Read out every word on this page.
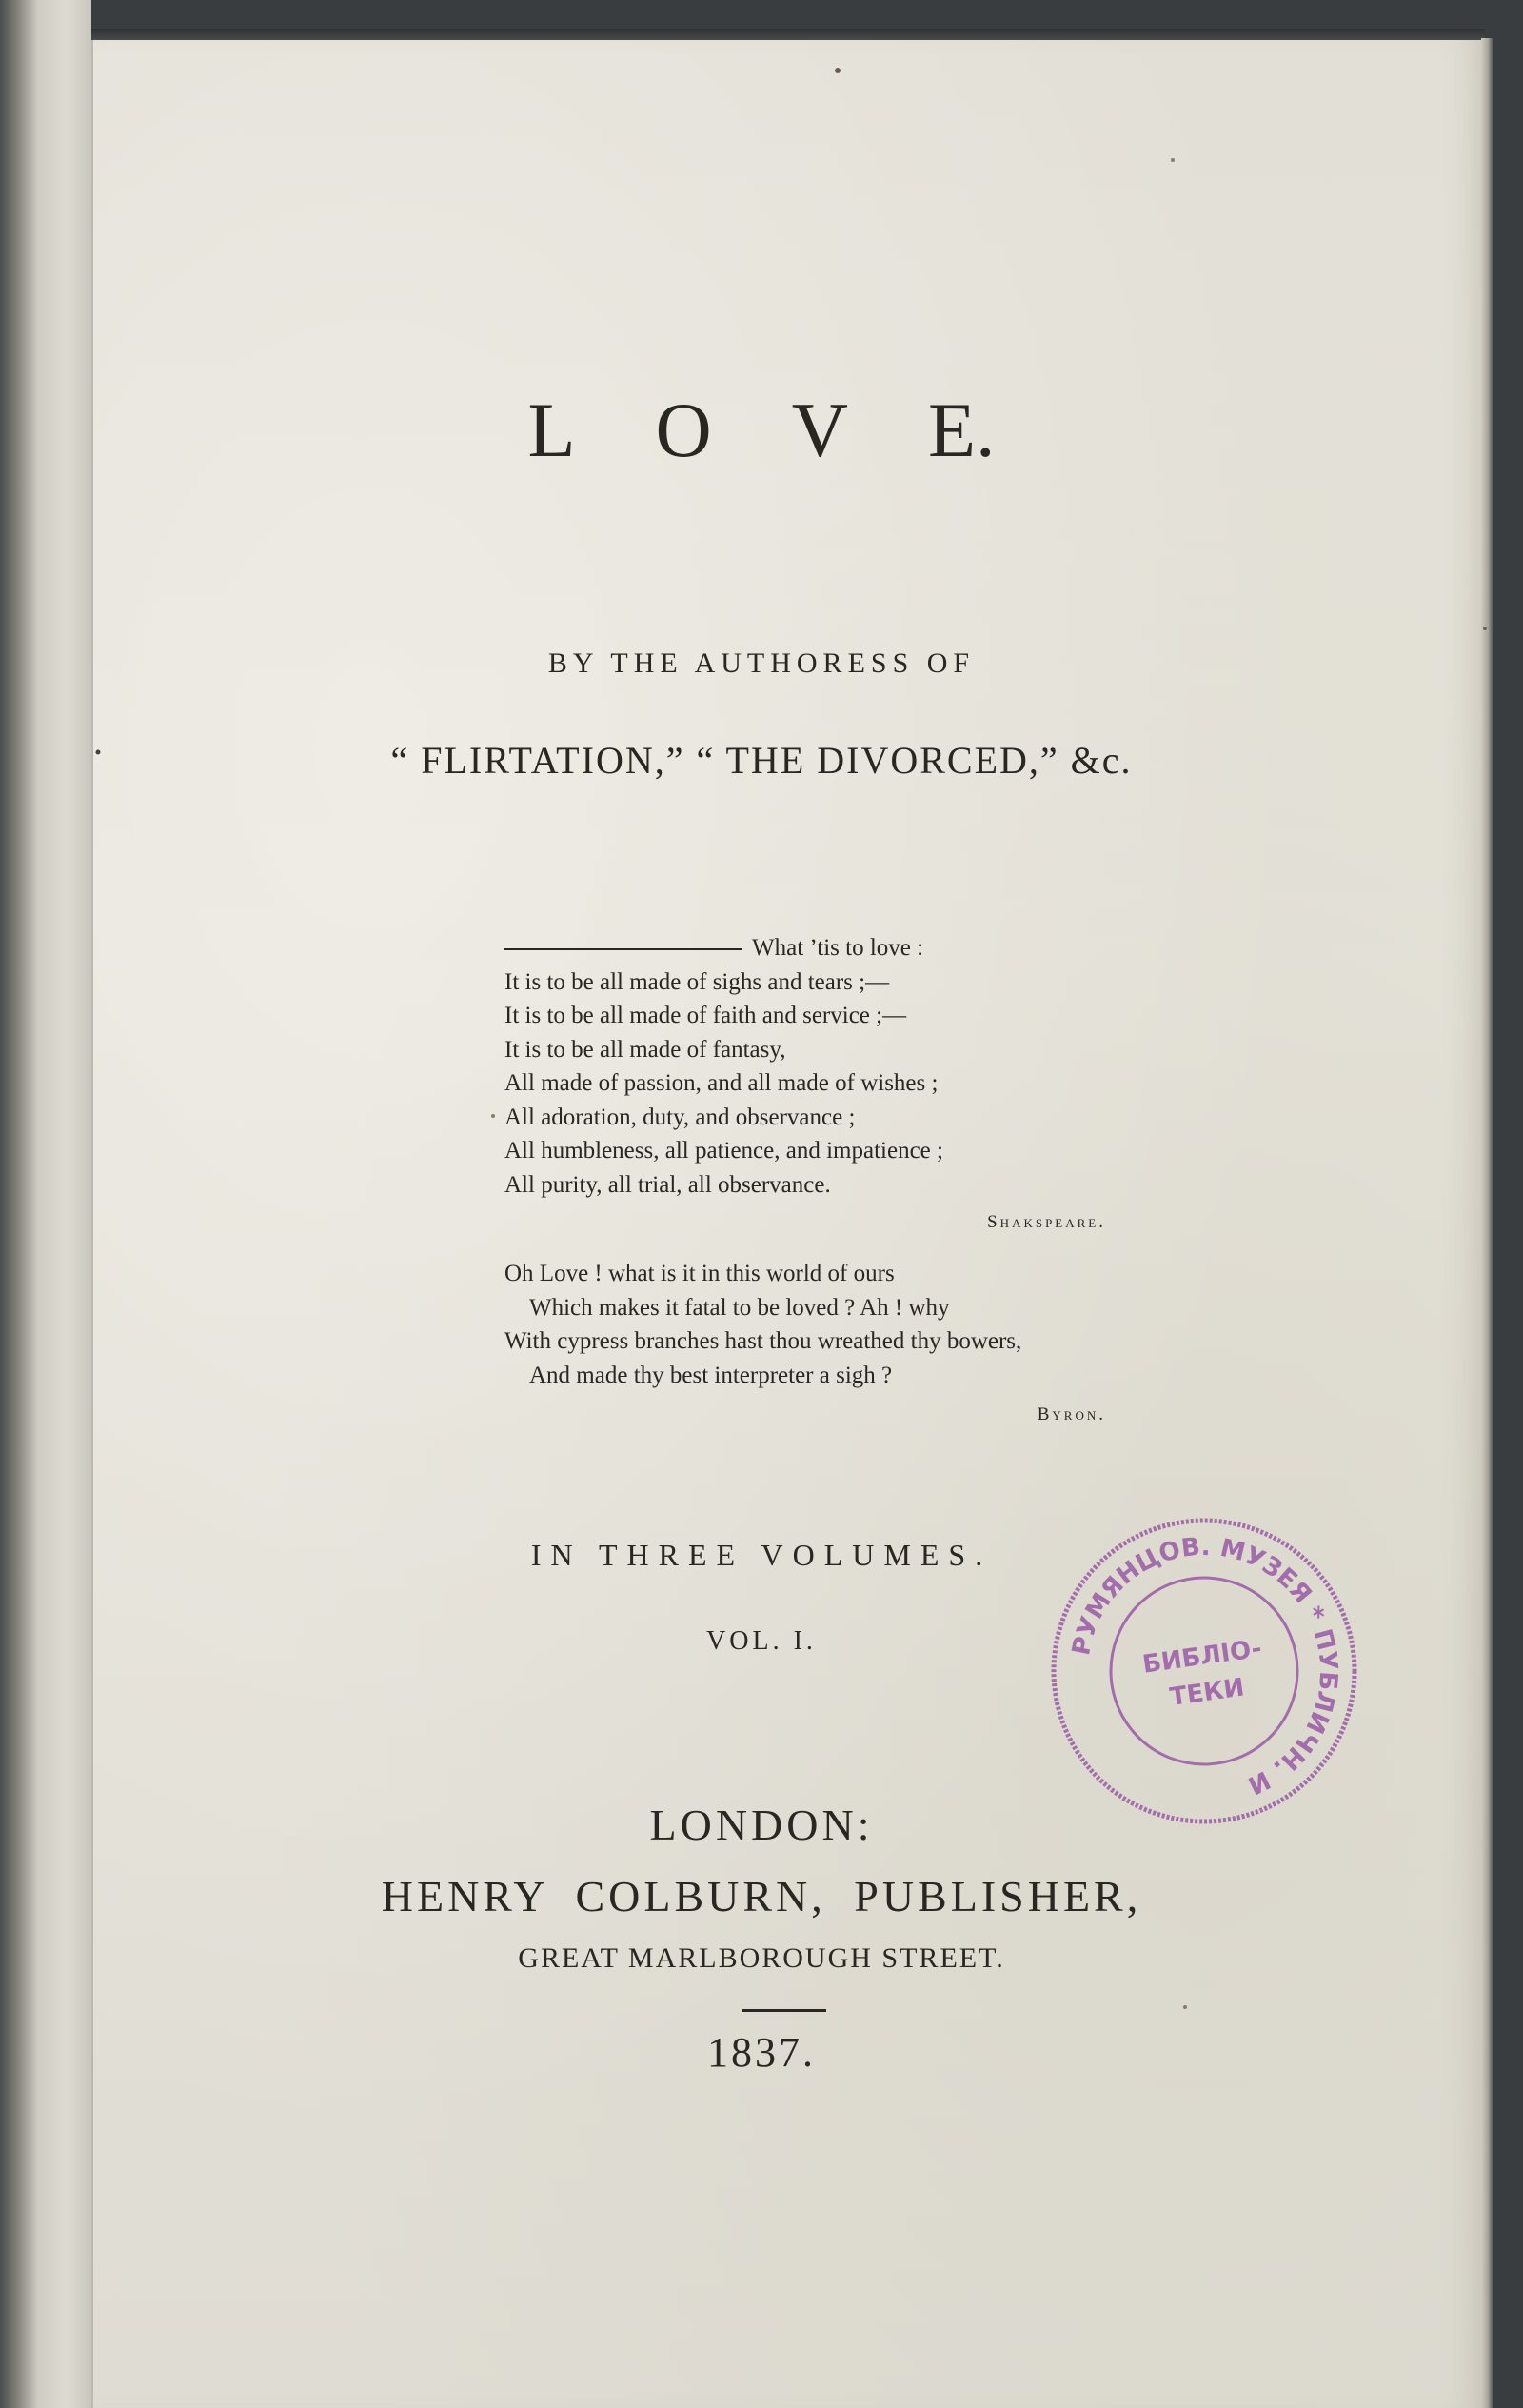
L O V E.
BY THE AUTHORESS OF
“ FLIRTATION,” “ THE DIVORCED,” &c.
What ’tis to love :
It is to be all made of sighs and tears ;—
It is to be all made of faith and service ;—
It is to be all made of fantasy,
All made of passion, and all made of wishes ;
All adoration, duty, and observance ;
All humbleness, all patience, and impatience ;
All purity, all trial, all observance.
Shakspeare.
Oh Love ! what is it in this world of ours
Which makes it fatal to be loved ? Ah ! why
With cypress branches hast thou wreathed thy bowers,
And made thy best interpreter a sigh ?
Byron.
IN THREE VOLUMES.
VOL. I.
LONDON:
HENRY COLBURN, PUBLISHER,
GREAT MARLBOROUGH STREET.
1837.
РУМЯНЦОВ. МУЗЕЯ * ПУБЛИЧН. И
БИБЛIO-
ТЕКИ
